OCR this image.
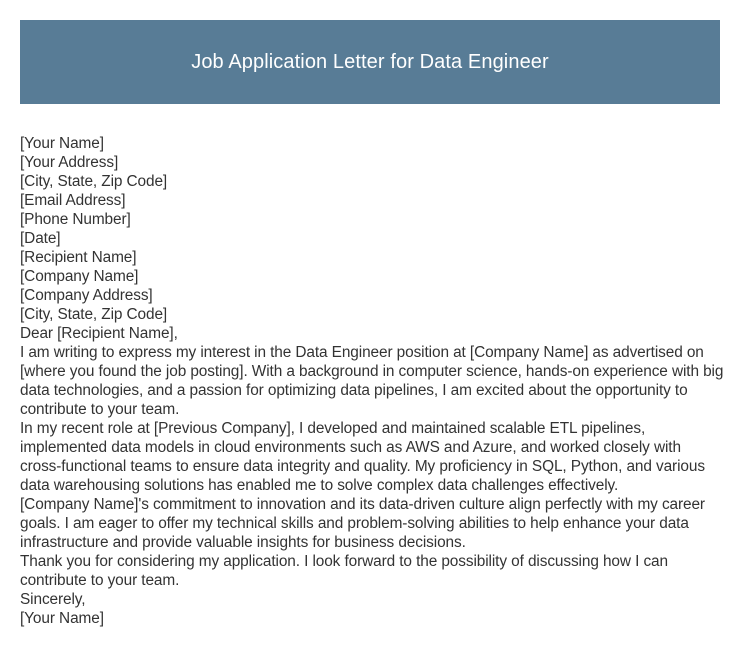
Job Application Letter for Data Engineer
[Your Name]
[Your Address]
[City, State, Zip Code]
[Email Address]
[Phone Number]
[Date]
[Recipient Name]
[Company Name]
[Company Address]
[City, State, Zip Code]
Dear [Recipient Name],

I am writing to express my interest in the Data Engineer position at [Company Name] as advertised on [where you found the job posting]. With a background in computer science, hands-on experience with big data technologies, and a passion for optimizing data pipelines, I am excited about the opportunity to contribute to your team.

In my recent role at [Previous Company], I developed and maintained scalable ETL pipelines, implemented data models in cloud environments such as AWS and Azure, and worked closely with cross-functional teams to ensure data integrity and quality. My proficiency in SQL, Python, and various data warehousing solutions has enabled me to solve complex data challenges effectively.

[Company Name]'s commitment to innovation and its data-driven culture align perfectly with my career goals. I am eager to offer my technical skills and problem-solving abilities to help enhance your data infrastructure and provide valuable insights for business decisions.

Thank you for considering my application. I look forward to the possibility of discussing how I can contribute to your team.

Sincerely,
[Your Name]
